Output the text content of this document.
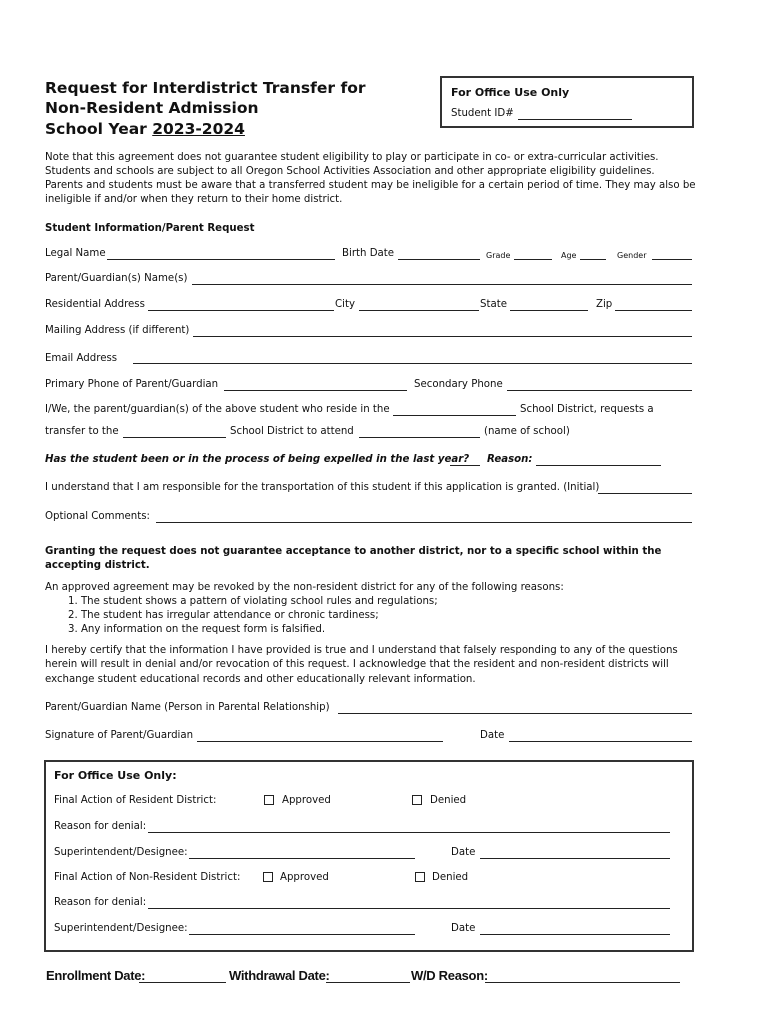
Request for Interdistrict Transfer for
Non-Resident Admission
School Year 2023-2024
For Office Use Only
Student ID#
Note that this agreement does not guarantee student eligibility to play or participate in co- or extra-curricular activities.
Students and schools are subject to all Oregon School Activities Association and other appropriate eligibility guidelines.
Parents and students must be aware that a transferred student may be ineligible for a certain period of time. They may also be
ineligible if and/or when they return to their home district.
Student Information/Parent Request
Legal Name	Birth Date	Grade	Age	Gender
Parent/Guardian(s) Name(s)
Residential Address	City	State	Zip
Mailing Address (if different)
Email Address
Primary Phone of Parent/Guardian	Secondary Phone
I/We, the parent/guardian(s) of the above student who reside in the	School District, requests a
transfer to the	School District to attend	(name of school)
Has the student been or in the process of being expelled in the last year? Reason:
I understand that I am responsible for the transportation of this student if this application is granted. (Initial)
Optional Comments:
Granting the request does not guarantee acceptance to another district, nor to a specific school within the
accepting district.
An approved agreement may be revoked by the non-resident district for any of the following reasons:
1. The student shows a pattern of violating school rules and regulations;
2. The student has irregular attendance or chronic tardiness;
3. Any information on the request form is falsified.
I hereby certify that the information I have provided is true and I understand that falsely responding to any of the questions
herein will result in denial and/or revocation of this request. I acknowledge that the resident and non-resident districts will
exchange student educational records and other educationally relevant information.
Parent/Guardian Name (Person in Parental Relationship)
Signature of Parent/Guardian	Date
For Office Use Only:
Final Action of Resident District:	Approved	Denied
Reason for denial:
Superintendent/Designee:	Date
Final Action of Non-Resident District:	Approved	Denied
Reason for denial:
Superintendent/Designee:	Date
Enrollment Date:	Withdrawal Date:	W/D Reason:
